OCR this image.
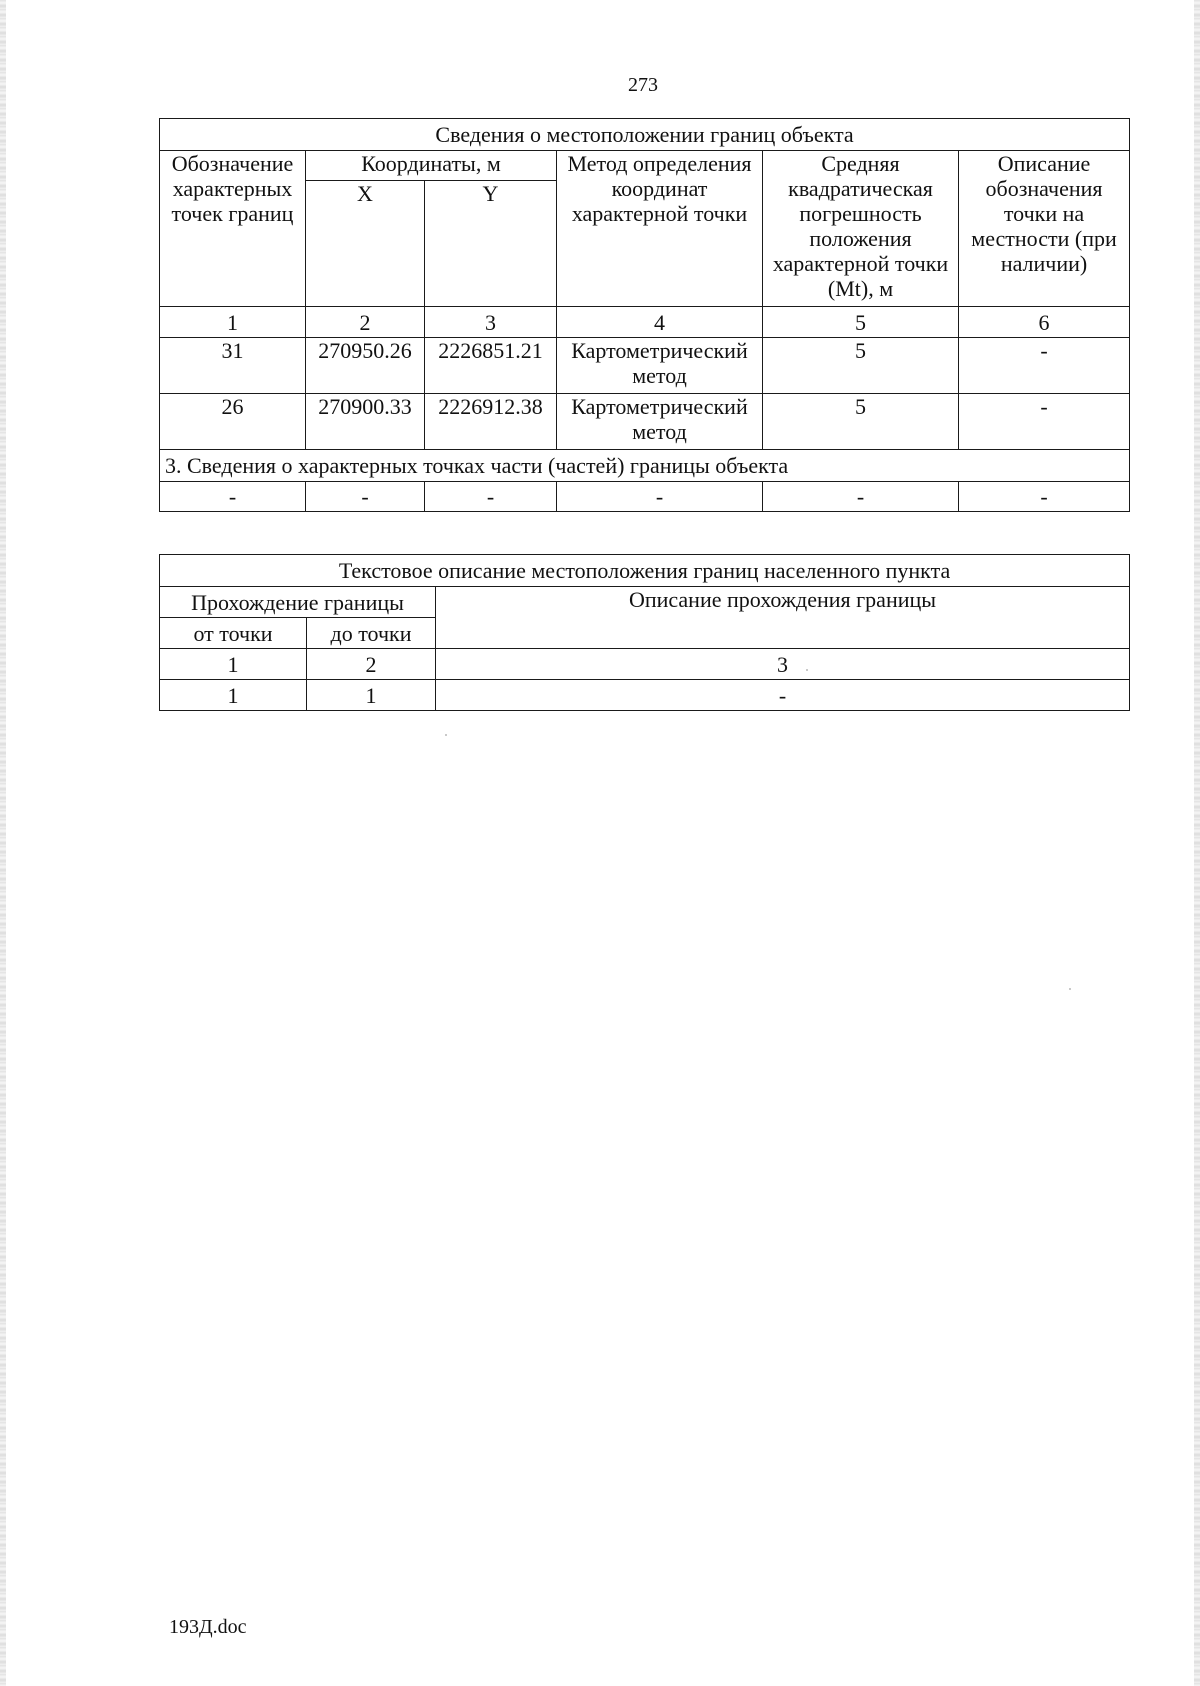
273
Сведения о местоположении границ объекта					
Обозначение характерных точек границ	Координаты, м		Метод определения координат характерной точки	Средняя квадратическая погрешность положения характерной точки (Mt), м	Описание обозначения точки на местности (при наличии)
	X	Y			
1	2	3	4	5	6
31	270950.26	2226851.21	Картометрический метод	5	-
26	270900.33	2226912.38	Картометрический метод	5	-
3. Сведения о характерных точках части (частей) границы объекта					
-	-	-	-	-	-
Текстовое описание местоположения границ населенного пункта		
Прохождение границы		Описание прохождения границы
от точки	до точки	
1	2	3
1	1	-
193Д.doc
